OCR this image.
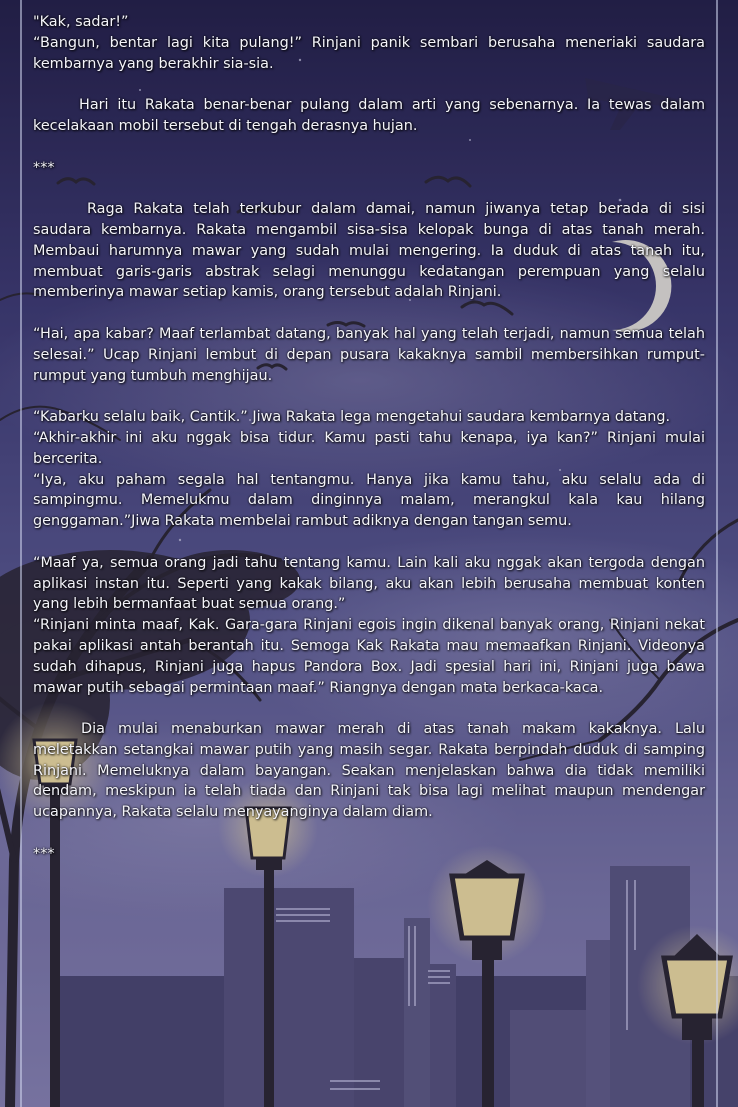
"Kak, sadar!”

“Bangun, bentar lagi kita pulang!” Rinjani panik sembari berusaha meneriaki saudara kembarnya yang berakhir sia-sia.

Hari itu Rakata benar-benar pulang dalam arti yang sebenarnya. Ia tewas dalam kecelakaan mobil tersebut di tengah derasnya hujan.

***

Raga Rakata telah terkubur dalam damai, namun jiwanya tetap berada di sisi saudara kembarnya. Rakata mengambil sisa-sisa kelopak bunga di atas tanah merah. Membaui harumnya mawar yang sudah mulai mengering. Ia duduk di atas tanah itu, membuat garis-garis abstrak selagi menunggu kedatangan perempuan yang selalu memberinya mawar setiap kamis, orang tersebut adalah Rinjani.

“Hai, apa kabar? Maaf terlambat datang, banyak hal yang telah terjadi, namun semua telah selesai.” Ucap Rinjani lembut di depan pusara kakaknya sambil membersihkan rumput-rumput yang tumbuh menghijau.

“Kabarku selalu baik, Cantik.” Jiwa Rakata lega mengetahui saudara kembarnya datang.

“Akhir-akhir ini aku nggak bisa tidur. Kamu pasti tahu kenapa, iya kan?” Rinjani mulai bercerita.

“Iya, aku paham segala hal tentangmu. Hanya jika kamu tahu, aku selalu ada di sampingmu. Memelukmu dalam dinginnya malam, merangkul kala kau hilang genggaman.”Jiwa Rakata membelai rambut adiknya dengan tangan semu.

“Maaf ya, semua orang jadi tahu tentang kamu. Lain kali aku nggak akan tergoda dengan aplikasi instan itu. Seperti yang kakak bilang, aku akan lebih berusaha membuat konten yang lebih bermanfaat buat semua orang.”

“Rinjani minta maaf, Kak. Gara-gara Rinjani egois ingin dikenal banyak orang, Rinjani nekat pakai aplikasi antah berantah itu. Semoga Kak Rakata mau memaafkan Rinjani. Videonya sudah dihapus, Rinjani juga hapus Pandora Box. Jadi spesial hari ini, Rinjani juga bawa mawar putih sebagai permintaan maaf.” Riangnya dengan mata berkaca-kaca.

Dia mulai menaburkan mawar merah di atas tanah makam kakaknya. Lalu meletakkan setangkai mawar putih yang masih segar. Rakata berpindah duduk di samping Rinjani. Memeluknya dalam bayangan. Seakan menjelaskan bahwa dia tidak memiliki dendam, meskipun ia telah tiada dan Rinjani tak bisa lagi melihat maupun mendengar ucapannya, Rakata selalu menyayanginya dalam diam.

***
